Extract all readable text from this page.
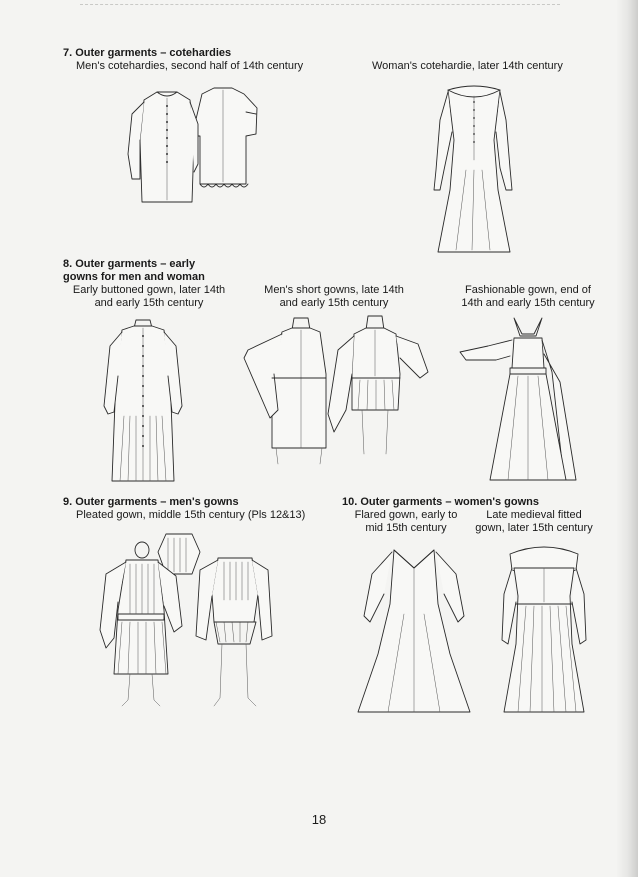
7. Outer garments – cotehardies
Men's cotehardies, second half of 14th century	Woman's cotehardie, later 14th century
8. Outer garments – early
gowns for men and woman
Early buttoned gown, later 14th
and early 15th century
Men's short gowns, late 14th
and early 15th century
Fashionable gown, end of
14th and early 15th century
9. Outer garments – men's gowns
Pleated gown, middle 15th century (Pls 12&13)
10. Outer garments – women's gowns
Flared gown, early to
mid 15th century
Late medieval fitted
gown, later 15th century
18
